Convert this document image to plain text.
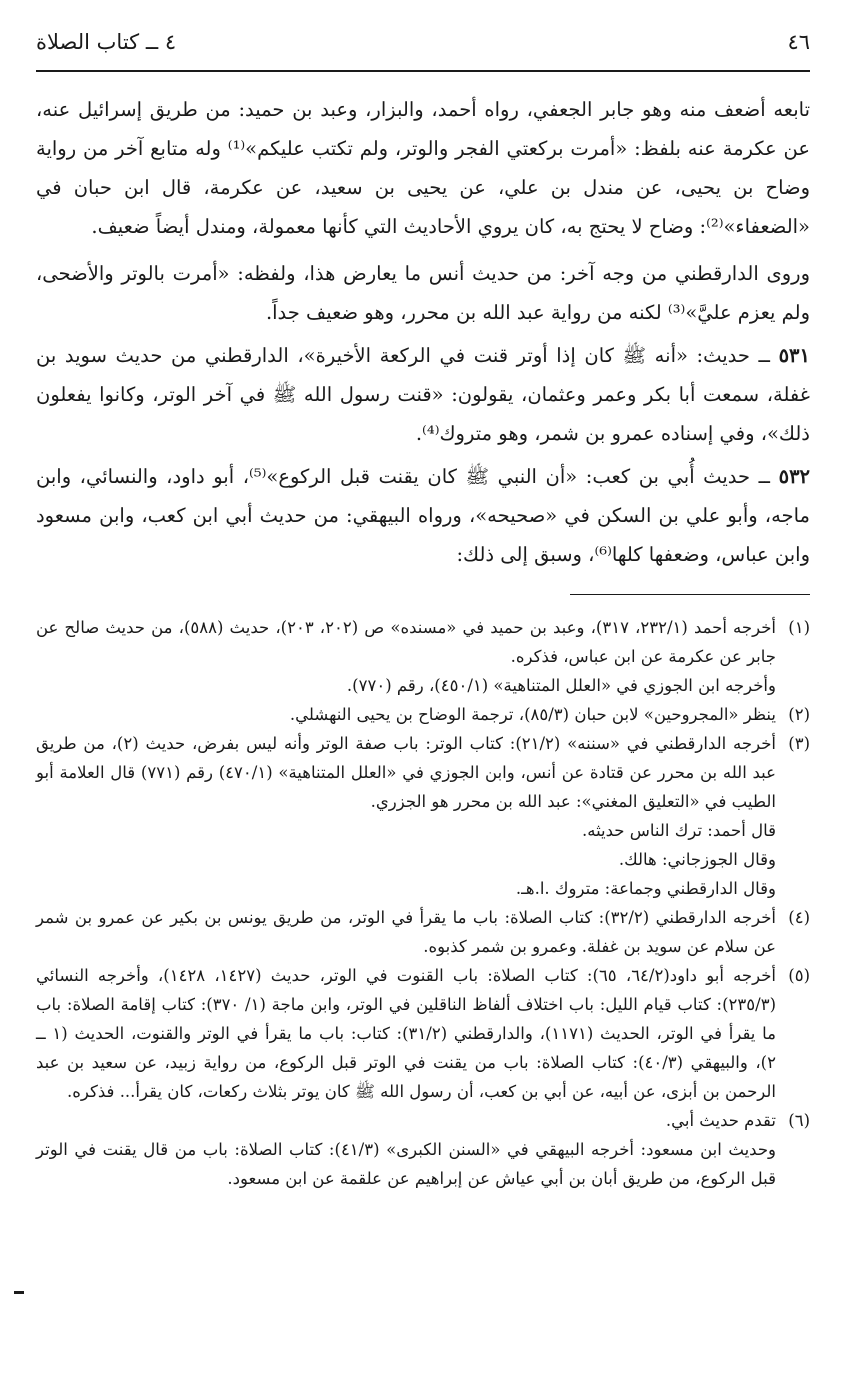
٤٦
٤ ــ كتاب الصلاة

تابعه أضعف منه وهو جابر الجعفي، رواه أحمد، والبزار، وعبد بن حميد: من طريق إسرائيل عنه، عن عكرمة عنه بلفظ: «أمرت بركعتي الفجر والوتر، ولم تكتب عليكم»⁽¹⁾ وله متابع آخر من رواية وضاح بن يحيى، عن مندل بن علي، عن يحيى بن سعيد، عن عكرمة، قال ابن حبان في «الضعفاء»⁽²⁾: وضاح لا يحتج به، كان يروي الأحاديث التي كأنها معمولة، ومندل أيضاً ضعيف.

وروى الدارقطني من وجه آخر: من حديث أنس ما يعارض هذا، ولفظه: «أمرت بالوتر والأضحى، ولم يعزم عليَّ»⁽³⁾ لكنه من رواية عبد الله بن محرر، وهو ضعيف جداً.

٥٣١ ــ حديث: «أنه ﷺ كان إذا أوتر قنت في الركعة الأخيرة»، الدارقطني من حديث سويد بن غفلة، سمعت أبا بكر وعمر وعثمان، يقولون: «قنت رسول الله ﷺ في آخر الوتر، وكانوا يفعلون ذلك»، وفي إسناده عمرو بن شمر، وهو متروك⁽⁴⁾.

٥٣٢ ــ حديث أُبي بن كعب: «أن النبي ﷺ كان يقنت قبل الركوع»⁽⁵⁾، أبو داود، والنسائي، وابن ماجه، وأبو علي بن السكن في «صحيحه»، ورواه البيهقي: من حديث أبي ابن كعب، وابن مسعود وابن عباس، وضعفها كلها⁽⁶⁾، وسبق إلى ذلك:

(١)
أخرجه أحمد (٢٣٢/١، ٣١٧)، وعبد بن حميد في «مسنده» ص (٢٠٢، ٢٠٣)، حديث (٥٨٨)، من حديث صالح عن جابر عن عكرمة عن ابن عباس، فذكره.

وأخرجه ابن الجوزي في «العلل المتناهية» (٤٥٠/١)، رقم (٧٧٠).

(٢)
ينظر «المجروحين» لابن حبان (٨٥/٣)، ترجمة الوضاح بن يحيى النهشلي.

(٣)
أخرجه الدارقطني في «سننه» (٢١/٢): كتاب الوتر: باب صفة الوتر وأنه ليس بفرض، حديث (٢)، من طريق عبد الله بن محرر عن قتادة عن أنس، وابن الجوزي في «العلل المتناهية» (٤٧٠/١) رقم (٧٧١) قال العلامة أبو الطيب في «التعليق المغني»: عبد الله بن محرر هو الجزري.

قال أحمد: ترك الناس حديثه.

وقال الجوزجاني: هالك.

وقال الدارقطني وجماعة: متروك .ا.هـ.

(٤)
أخرجه الدارقطني (٣٢/٢): كتاب الصلاة: باب ما يقرأ في الوتر، من طريق يونس بن بكير عن عمرو بن شمر عن سلام عن سويد بن غفلة. وعمرو بن شمر كذبوه.

(٥)
أخرجه أبو داود(٦٤/٢، ٦٥): كتاب الصلاة: باب القنوت في الوتر، حديث (١٤٢٧، ١٤٢٨)، وأخرجه النسائي (٢٣٥/٣): كتاب قيام الليل: باب اختلاف ألفاظ الناقلين في الوتر، وابن ماجة (١/ ٣٧٠): كتاب إقامة الصلاة: باب ما يقرأ في الوتر، الحديث (١١٧١)، والدارقطني (٣١/٢): كتاب: باب ما يقرأ في الوتر والقنوت، الحديث (١ ــ ٢)، والبيهقي (٤٠/٣): كتاب الصلاة: باب من يقنت في الوتر قبل الركوع، من رواية زبيد، عن سعيد بن عبد الرحمن بن أبزى، عن أبيه، عن أبي بن كعب، أن رسول الله ﷺ كان يوتر بثلاث ركعات، كان يقرأ... فذكره.

(٦)
تقدم حديث أبي.

وحديث ابن مسعود: أخرجه البيهقي في «السنن الكبرى» (٤١/٣): كتاب الصلاة: باب من قال يقنت في الوتر قبل الركوع، من طريق أبان بن أبي عياش عن إبراهيم عن علقمة عن ابن مسعود.
